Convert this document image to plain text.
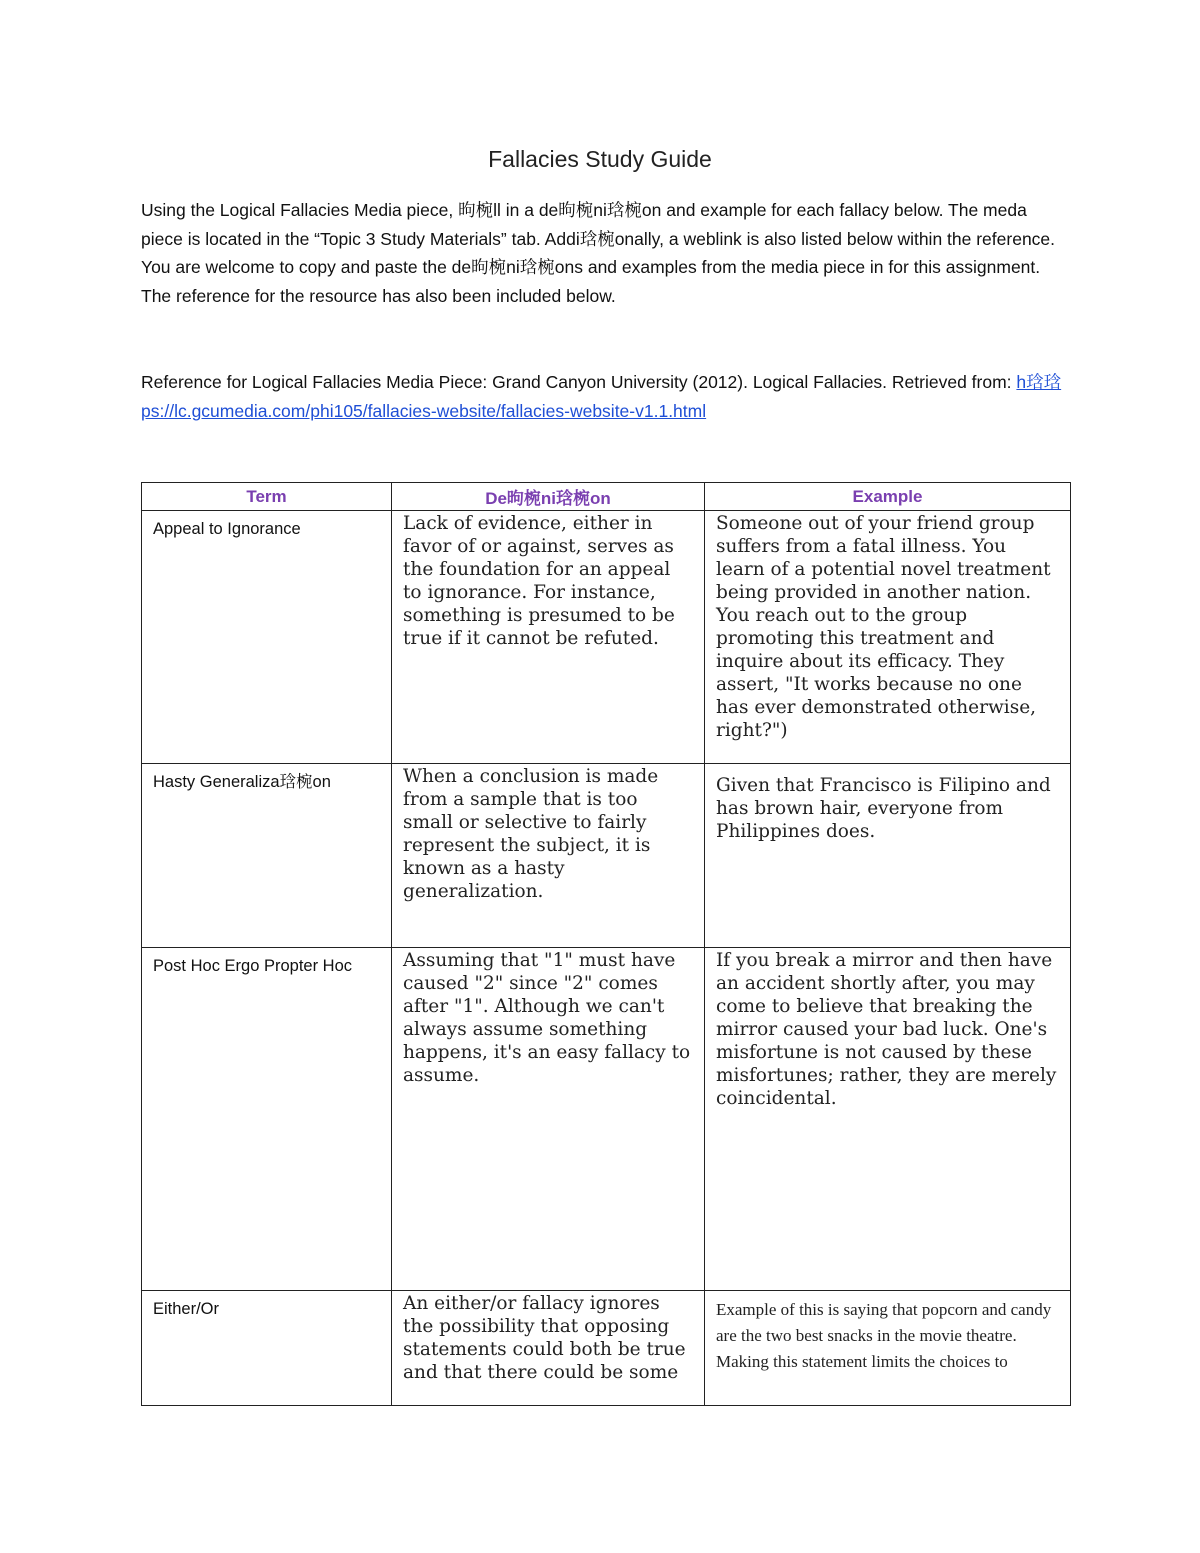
Fallacies Study Guide

Using the Logical Fallacies Media piece, 昫椀ll in a de昫椀ni琀椀on and example for each fallacy below. The meda piece is located in the “Topic 3 Study Materials” tab. Addi琀椀onally, a weblink is also listed below within the reference. You are welcome to copy and paste the de昫椀ni琀椀ons and examples from the media piece in for this assignment. The reference for the resource has also been included below.

Reference for Logical Fallacies Media Piece: Grand Canyon University (2012). Logical Fallacies. Retrieved from: h琀琀ps://lc.gcumedia.com/phi105/fallacies-website/fallacies-website-v1.1.html

Term	De昫椀ni琀椀on	Example
Appeal to Ignorance	Lack of evidence, either in favor of or against, serves as the foundation for an appeal to ignorance. For instance, something is presumed to be true if it cannot be refuted.	Someone out of your friend group suffers from a fatal illness. You learn of a potential novel treatment being provided in another nation. You reach out to the group promoting this treatment and inquire about its efficacy. They assert, "It works because no one has ever demonstrated otherwise, right?")
Hasty Generaliza琀椀on	When a conclusion is made from a sample that is too small or selective to fairly represent the subject, it is known as a hasty generalization.	Given that Francisco is Filipino and has brown hair, everyone from Philippines does.
Post Hoc Ergo Propter Hoc	Assuming that "1" must have caused "2" since "2" comes after "1". Although we can't always assume something happens, it's an easy fallacy to assume.	If you break a mirror and then have an accident shortly after, you may come to believe that breaking the mirror caused your bad luck. One's misfortune is not caused by these misfortunes; rather, they are merely coincidental.
Either/Or	An either/or fallacy ignores the possibility that opposing statements could both be true and that there could be some	Example of this is saying that popcorn and candy are the two best snacks in the movie theatre. Making this statement limits the choices to
